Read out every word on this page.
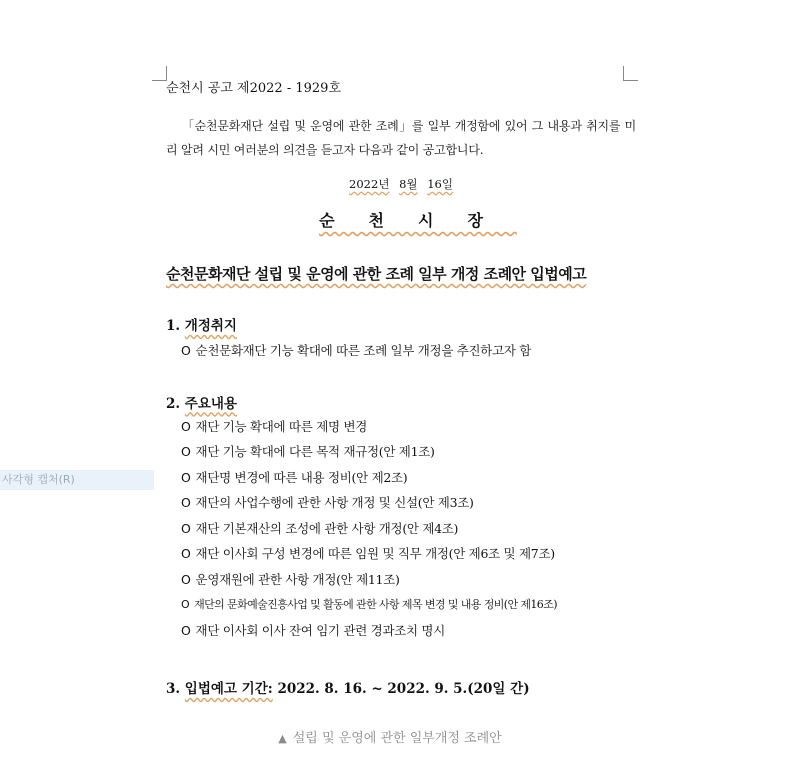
사각형 캡처(R)
순천시 공고 제2022 - 1929호
「순천문화재단 설립 및 운영에 관한 조례」를 일부 개정함에 있어 그 내용과 취지를 미리 알려 시민 여러분의 의견을 듣고자 다음과 같이 공고합니다.
2022년 8월 16일
순천시장
순천문화재단 설립 및 운영에 관한 조례 일부 개정 조례안 입법예고
1. 개정취지
O 순천문화재단 기능 확대에 따른 조례 일부 개정을 추진하고자 함
2. 주요내용
O 재단 기능 확대에 따른 제명 변경
O 재단 기능 확대에 다른 목적 재규정(안 제1조)
O 재단명 변경에 따른 내용 정비(안 제2조)
O 재단의 사업수행에 관한 사항 개정 및 신설(안 제3조)
O 재단 기본재산의 조성에 관한 사항 개정(안 제4조)
O 재단 이사회 구성 변경에 따른 임원 및 직무 개정(안 제6조 및 제7조)
O 운영재원에 관한 사항 개정(안 제11조)
O 재단의 문화예술진흥사업 및 활동에 관한 사항 제목 변경 및 내용 정비(안 제16조)
O 재단 이사회 이사 잔여 임기 관련 경과조치 명시
3. 입법예고 기간: 2022. 8. 16. ~ 2022. 9. 5.(20일 간)
▲ 설립 및 운영에 관한 일부개정 조례안
